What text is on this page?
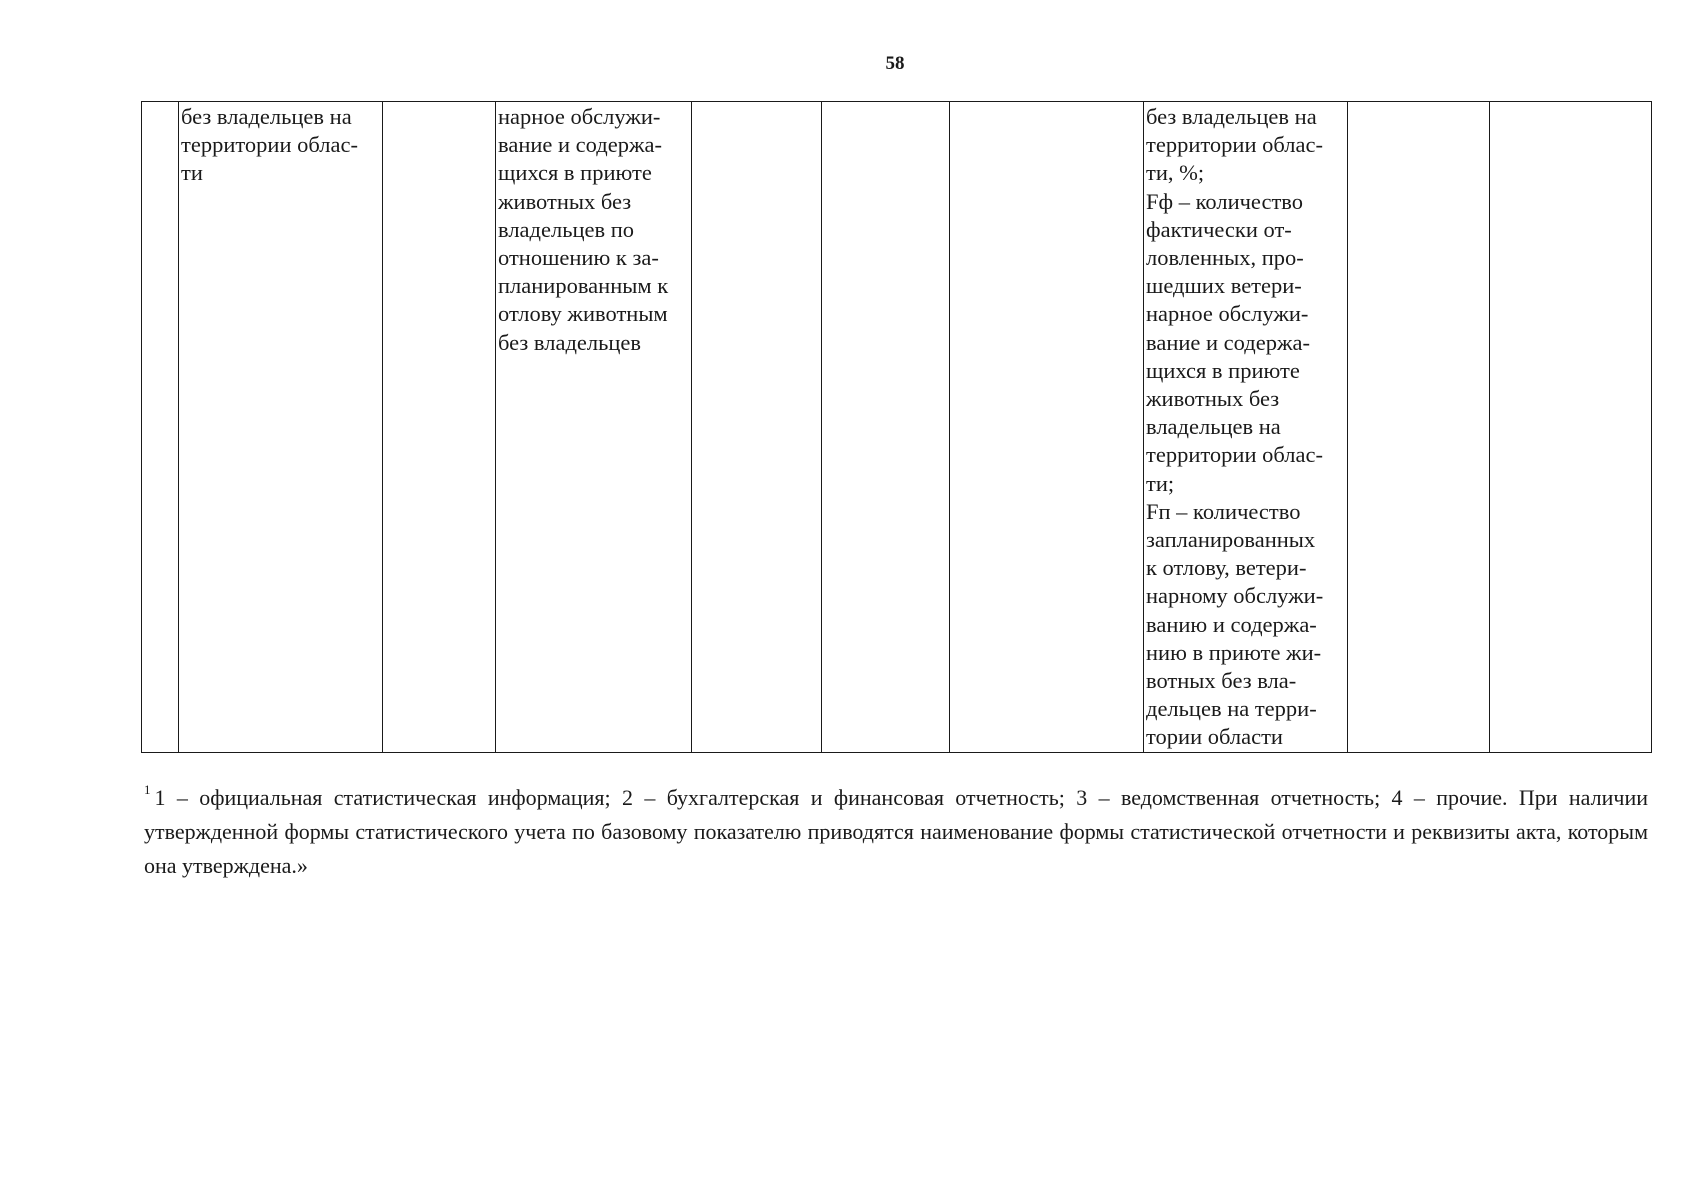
58
	без владельцев на
территории облас-
ти		нарное обслужи-
вание и содержа-
щихся в приюте
животных без
владельцев по
отношению к за-
планированным к
отлову животным
без владельцев				без владельцев на
территории облас-
ти, %;
Fф – количество
фактически от-
ловленных, про-
шедших ветери-
нарное обслужи-
вание и содержа-
щихся в приюте
животных без
владельцев на
территории облас-
ти;
Fп – количество
запланированных
к отлову, ветери-
нарному обслужи-
ванию и содержа-
нию в приюте жи-
вотных без вла-
дельцев на терри-
тории области		
$^1$ 1 – официальная статистическая информация; 2 – бухгалтерская и финансовая отчетность; 3 – ведомственная отчетность; 4 – прочие. При наличии утвержденной формы статистического учета по базовому показателю приводятся наименование формы статистической отчетности и реквизиты акта, которым она утверждена.»
